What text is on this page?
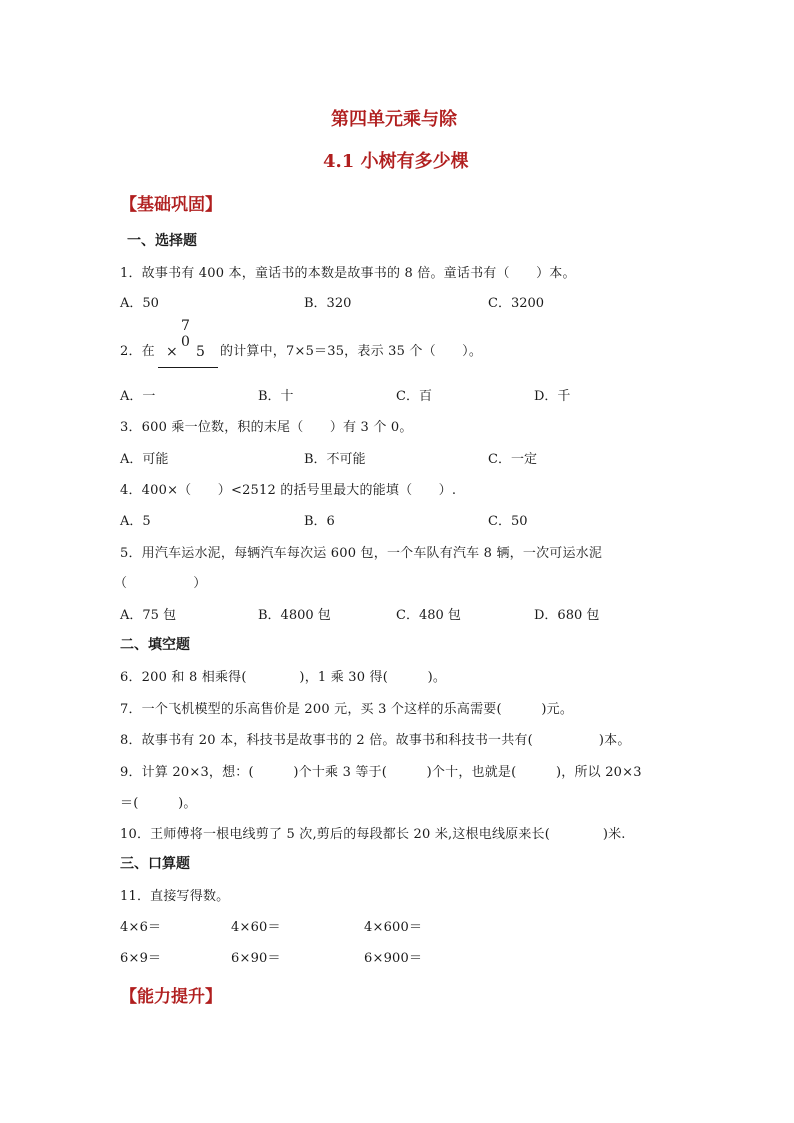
第四单元乘与除
4.1 小树有多少棵
【基础巩固】
一、选择题
1．故事书有 400 本，童话书的本数是故事书的 8 倍。童话书有（　　）本。
A．50	B．320	C．3200
2．在
7 0
× 5 的计算中，7×5＝35，表示 35 个（　　）。
A．一	B．十	C．百	D．千
3．600 乘一位数，积的末尾（　　）有 3 个 0。
A．可能	B．不可能	C．一定
4．400×（　　）<2512 的括号里最大的能填（　　）.
A．5	B．6	C．50
5．用汽车运水泥，每辆汽车每次运 600 包，一个车队有汽车 8 辆，一次可运水泥
（　　　　　）
A．75 包	B．4800 包	C．480 包	D．680 包
二、填空题
6．200 和 8 相乘得(　　　　)，1 乘 30 得(　　　)。
7．一个飞机模型的乐高售价是 200 元，买 3 个这样的乐高需要(　　　)元。
8．故事书有 20 本，科技书是故事书的 2 倍。故事书和科技书一共有(　　　　　)本。
9．计算 20×3，想：(　　　)个十乘 3 等于(　　　)个十，也就是(　　　)，所以 20×3
＝(　　　)。
10．王师傅将一根电线剪了 5 次,剪后的每段都长 20 米,这根电线原来长(　　　　)米.
三、口算题
11．直接写得数。
4×6＝	4×60＝	4×600＝
6×9＝	6×90＝	6×900＝
【能力提升】
